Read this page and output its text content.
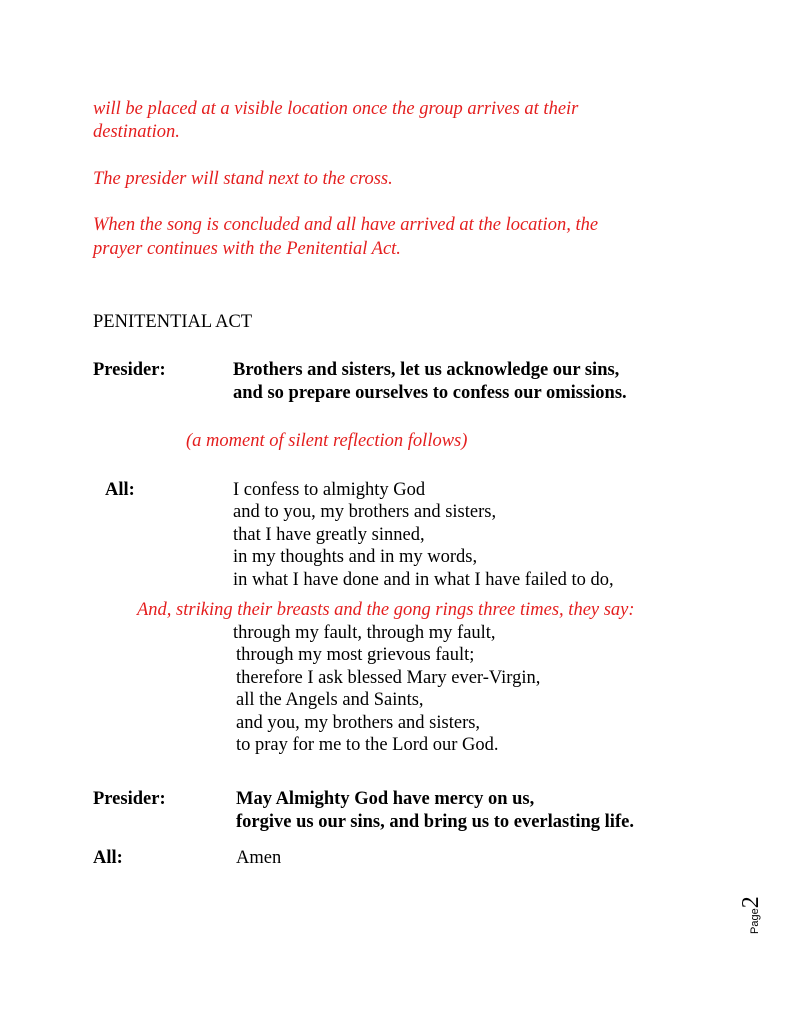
will be placed at a visible location once the group arrives at their
destination.
The presider will stand next to the cross.
When the song is concluded and all have arrived at the location, the
prayer continues with the Penitential Act.
PENITENTIAL ACT
Presider:	Brothers and sisters, let us acknowledge our sins,
and so prepare ourselves to confess our omissions.
(a moment of silent reflection follows)
All:	I confess to almighty God
and to you, my brothers and sisters,
that I have greatly sinned,
in my thoughts and in my words,
in what I have done and in what I have failed to do,
And, striking their breasts and the gong rings three times, they say:
through my fault, through my fault,
through my most grievous fault;
therefore I ask blessed Mary ever-Virgin,
all the Angels and Saints,
and you, my brothers and sisters,
to pray for me to the Lord our God.
Presider:	May Almighty God have mercy on us,
forgive us our sins, and bring us to everlasting life.
All:	Amen
Page2
